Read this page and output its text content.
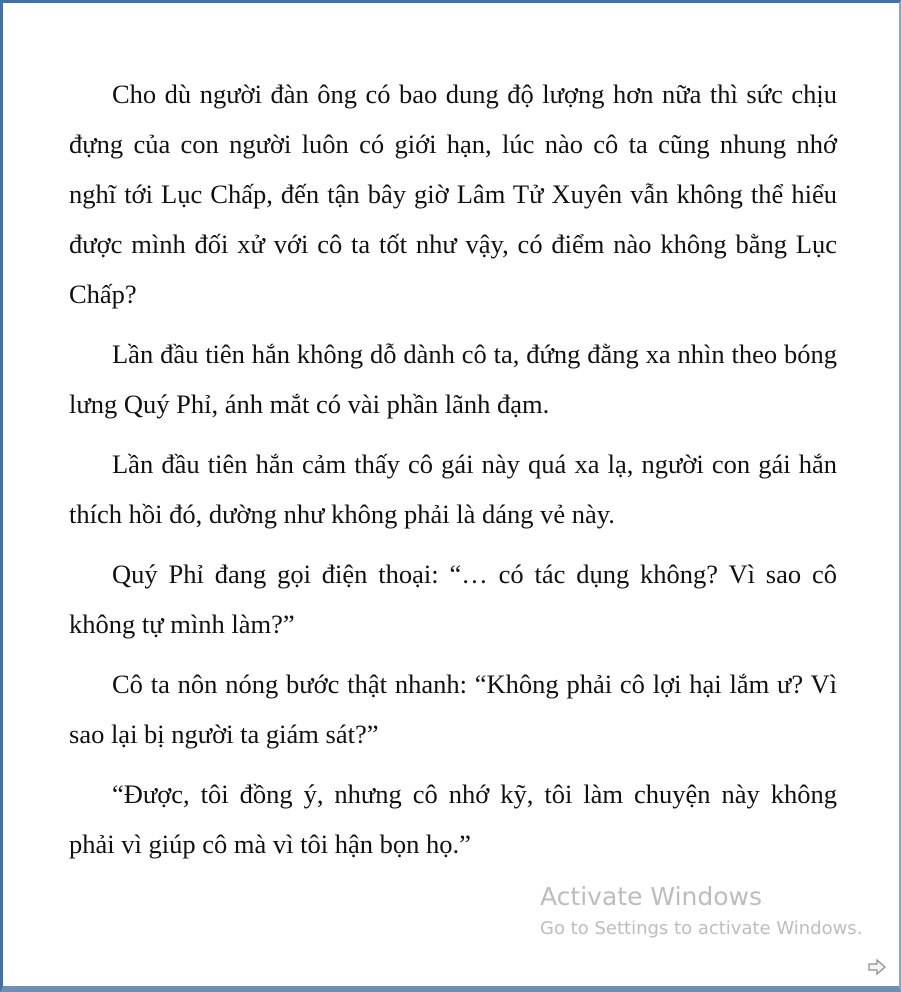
Cho dù người đàn ông có bao dung độ lượng hơn nữa thì sức chịu đựng của con người luôn có giới hạn, lúc nào cô ta cũng nhung nhớ nghĩ tới Lục Chấp, đến tận bây giờ Lâm Tử Xuyên vẫn không thể hiểu được mình đối xử với cô ta tốt như vậy, có điểm nào không bằng Lục Chấp?

Lần đầu tiên hắn không dỗ dành cô ta, đứng đằng xa nhìn theo bóng lưng Quý Phỉ, ánh mắt có vài phần lãnh đạm.

Lần đầu tiên hắn cảm thấy cô gái này quá xa lạ, người con gái hắn thích hồi đó, dường như không phải là dáng vẻ này.

Quý Phỉ đang gọi điện thoại: “… có tác dụng không? Vì sao cô không tự mình làm?”

Cô ta nôn nóng bước thật nhanh: “Không phải cô lợi hại lắm ư? Vì sao lại bị người ta giám sát?”

“Được, tôi đồng ý, nhưng cô nhớ kỹ, tôi làm chuyện này không phải vì giúp cô mà vì tôi hận bọn họ.”

Activate Windows
Go to Settings to activate Windows.
